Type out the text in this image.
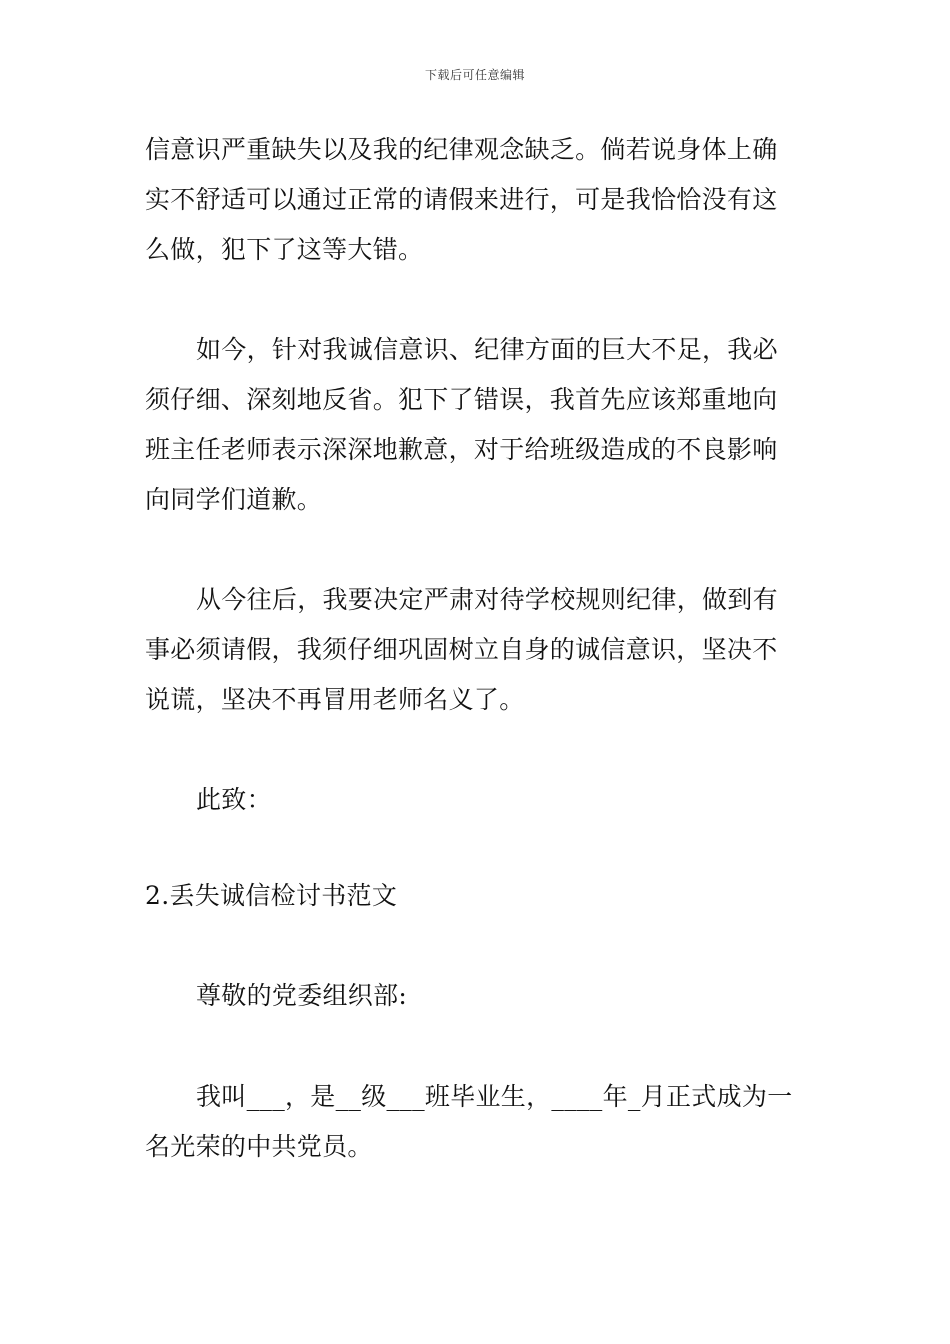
下载后可任意编辑
信意识严重缺失以及我的纪律观念缺乏。倘若说身体上确
实不舒适可以通过正常的请假来进行，可是我恰恰没有这
么做，犯下了这等大错。
如今，针对我诚信意识、纪律方面的巨大不足，我必
须仔细、深刻地反省。犯下了错误，我首先应该郑重地向
班主任老师表示深深地歉意，对于给班级造成的不良影响
向同学们道歉。
从今往后，我要决定严肃对待学校规则纪律，做到有
事必须请假，我须仔细巩固树立自身的诚信意识，坚决不
说谎，坚决不再冒用老师名义了。
此致：
2.丢失诚信检讨书范文
尊敬的党委组织部:
我叫___，是__级___班毕业生，____年_月正式成为一
名光荣的中共党员。
